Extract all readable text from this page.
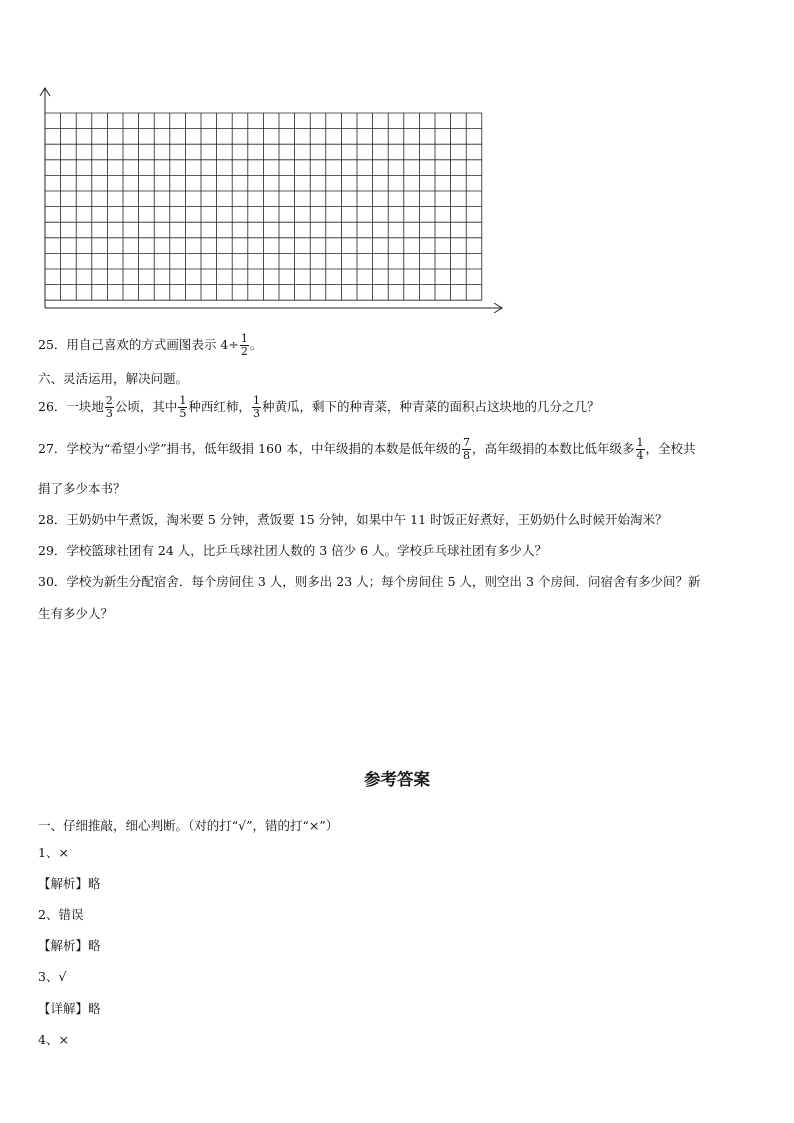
25．用自己喜欢的方式画图表示 $4\div \frac{1}{2}$ 。
六、灵活运用，解决问题。
26．一块地 $\frac{2}{3}$ 公顷，其中 $\frac{1}{5}$ 种西红柿， $\frac{1}{3}$ 种黄瓜，剩下的种青菜，种青菜的面积占这块地的几分之几？
27．学校为“希望小学”捐书，低年级捐 160 本，中年级捐的本数是低年级的 $\frac{7}{8}$ ，高年级捐的本数比低年级多 $\frac{1}{4}$ ，全校共
捐了多少本书？
28．王奶奶中午煮饭，淘米要 5 分钟，煮饭要 15 分钟，如果中午 11 时饭正好煮好，王奶奶什么时候开始淘米？
29．学校篮球社团有 24 人，比乒乓球社团人数的 3 倍少 6 人。学校乒乓球社团有多少人？
30．学校为新生分配宿舍．每个房间住 3 人，则多出 23 人；每个房间住 5 人，则空出 3 个房间．问宿舍有多少间？新
生有多少人？
参考答案
一、仔细推敲，细心判断。（对的打“√”，错的打“×”）
1、×
【解析】略
2、错误
【解析】略
3、√
【详解】略
4、×
